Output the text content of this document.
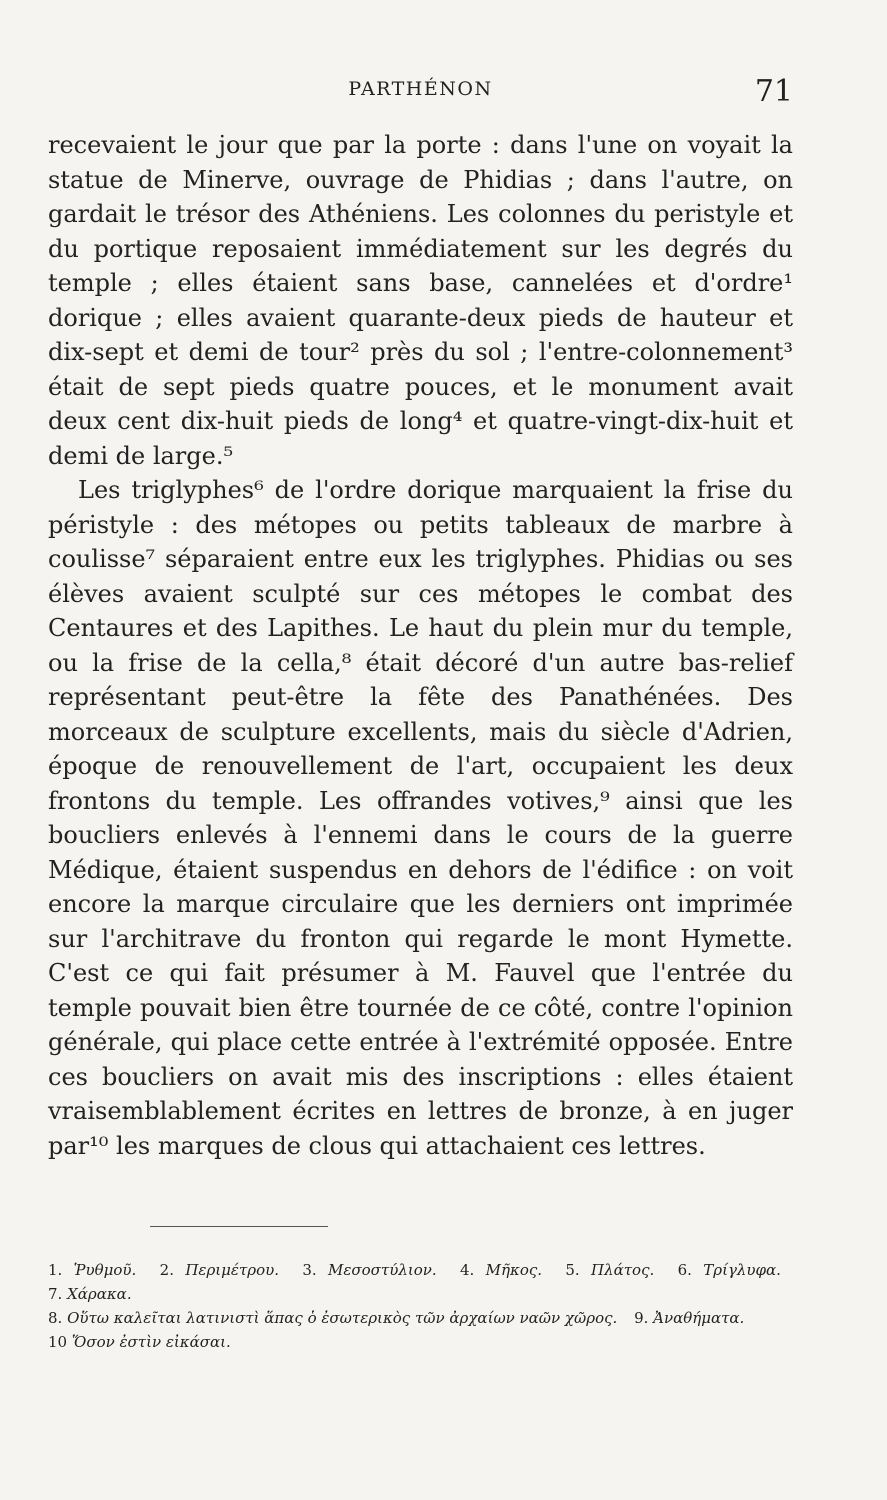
PARTHÉNON	71

recevaient le jour que par la porte : dans l'une on voyait la statue de Minerve, ouvrage de Phidias ; dans l'autre, on gardait le trésor des Athéniens. Les colonnes du peristyle et du portique reposaient immédiatement sur les degrés du temple ; elles étaient sans base, cannelées et d'ordre¹ dorique ; elles avaient quarante-deux pieds de hauteur et dix-sept et demi de tour² près du sol ; l'entre-colonnement³ était de sept pieds quatre pouces, et le monument avait deux cent dix-huit pieds de long⁴ et quatre-vingt-dix-huit et demi de large.⁵

Les triglyphes⁶ de l'ordre dorique marquaient la frise du péristyle : des métopes ou petits tableaux de marbre à coulisse⁷ séparaient entre eux les triglyphes. Phidias ou ses élèves avaient sculpté sur ces métopes le combat des Centaures et des Lapithes. Le haut du plein mur du temple, ou la frise de la cella,⁸ était décoré d'un autre bas-relief représentant peut-être la fête des Panathénées. Des morceaux de sculpture excellents, mais du siècle d'Adrien, époque de renouvellement de l'art, occupaient les deux frontons du temple. Les offrandes votives,⁹ ainsi que les boucliers enlevés à l'ennemi dans le cours de la guerre Médique, étaient suspendus en dehors de l'édifice : on voit encore la marque circulaire que les derniers ont imprimée sur l'architrave du fronton qui regarde le mont Hymette. C'est ce qui fait présumer à M. Fauvel que l'entrée du temple pouvait bien être tournée de ce côté, contre l'opinion générale, qui place cette entrée à l'extrémité opposée. Entre ces boucliers on avait mis des inscriptions : elles étaient vraisemblablement écrites en lettres de bronze, à en juger par¹⁰ les marques de clous qui attachaient ces lettres.

1. Ῥυθμοῦ. 2. Περιμέτρου. 3. Μεσοστύλιον. 4. Μῆκος. 5. Πλάτος. 6. Τρίγλυφα. 7. Χάρακα.
8. Οὕτω καλεῖται λατινιστὶ ἅπας ὁ ἐσωτερικὸς τῶν ἀρχαίων ναῶν χῶρος. 9. Ἀναθήματα.
10 Ὅσον ἐστὶν εἰκάσαι.
